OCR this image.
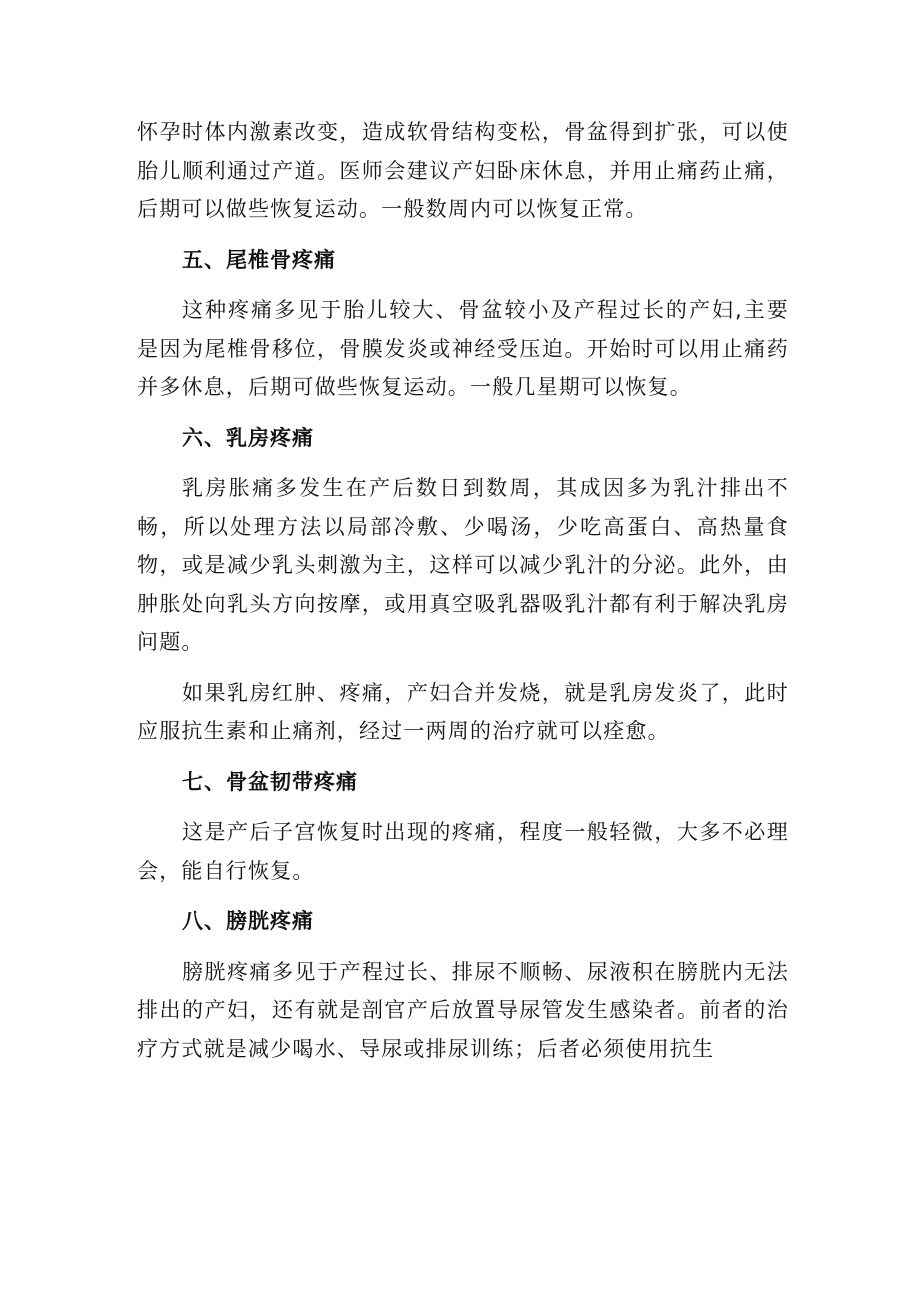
怀孕时体内激素改变，造成软骨结构变松，骨盆得到扩张，可以使胎儿顺利通过产道。医师会建议产妇卧床休息，并用止痛药止痛，后期可以做些恢复运动。一般数周内可以恢复正常。

五、尾椎骨疼痛

这种疼痛多见于胎儿较大、骨盆较小及产程过长的产妇,主要是因为尾椎骨移位，骨膜发炎或神经受压迫。开始时可以用止痛药并多休息，后期可做些恢复运动。一般几星期可以恢复。

六、乳房疼痛

乳房胀痛多发生在产后数日到数周，其成因多为乳汁排出不畅，所以处理方法以局部冷敷、少喝汤，少吃高蛋白、高热量食物，或是减少乳头刺激为主，这样可以减少乳汁的分泌。此外，由肿胀处向乳头方向按摩，或用真空吸乳器吸乳汁都有利于解决乳房问题。

如果乳房红肿、疼痛，产妇合并发烧，就是乳房发炎了，此时应服抗生素和止痛剂，经过一两周的治疗就可以痊愈。

七、骨盆韧带疼痛

这是产后子宫恢复时出现的疼痛，程度一般轻微，大多不必理会，能自行恢复。

八、膀胱疼痛

膀胱疼痛多见于产程过长、排尿不顺畅、尿液积在膀胱内无法排出的产妇，还有就是剖官产后放置导尿管发生感染者。前者的治疗方式就是减少喝水、导尿或排尿训练；后者必须使用抗生
